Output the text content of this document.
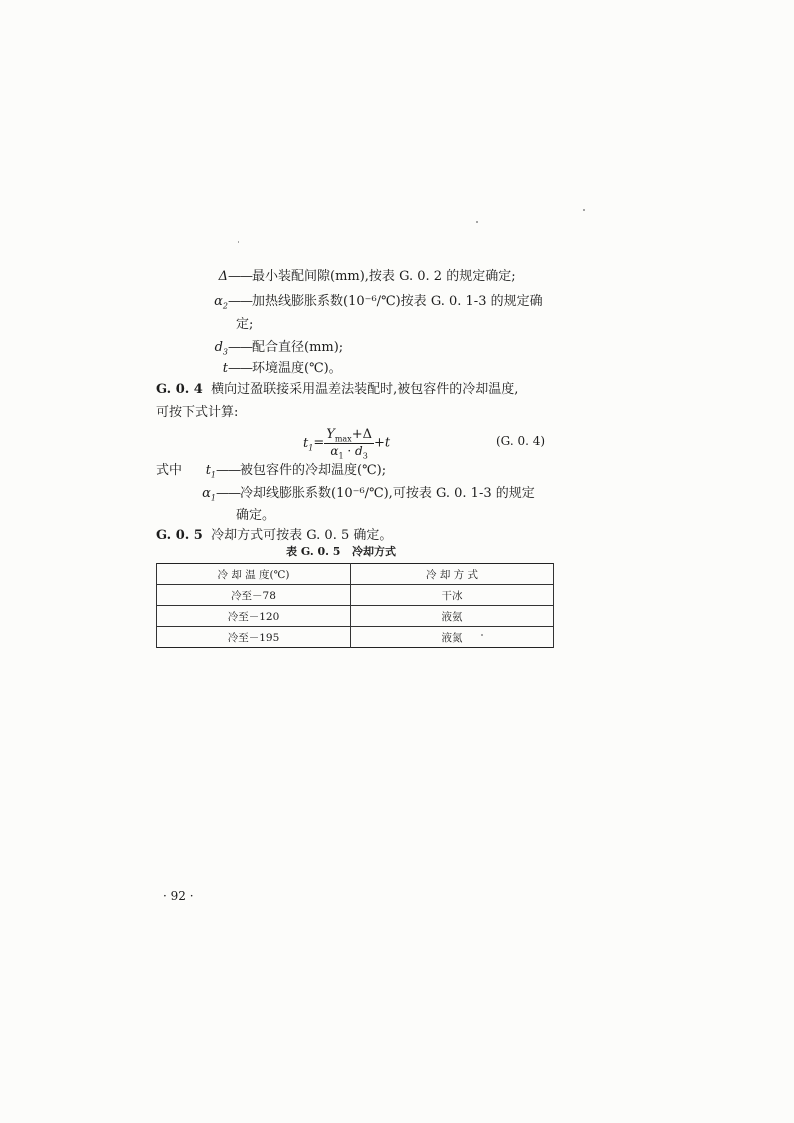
Δ——最小装配间隙(mm),按表 G. 0. 2 的规定确定;
$\alpha_2——$加热线膨胀系数(10⁻⁶/℃)按表 G. 0. 1-3 的规定确
定;
$d_3——$配合直径(mm);
t——环境温度(℃)。
G. 0. 4 横向过盈联接采用温差法装配时,被包容件的冷却温度,
可按下式计算:
$t_1= \frac{Y_{max}+\Delta}{\alpha_1 \cdot d_3} +t$	(G. 0. 4)
式中 $t_1——$被包容件的冷却温度(℃);
$\alpha_1——$冷却线膨胀系数(10⁻⁶/℃),可按表 G. 0. 1-3 的规定
确定。
G. 0. 5 冷却方式可按表 G. 0. 5 确定。
表 G. 0. 5   冷却方式
冷 却 温 度(℃)	冷 却 方 式
冷至－78	干冰
冷至－120	液氨
冷至－195	液氮
· 92 ·
